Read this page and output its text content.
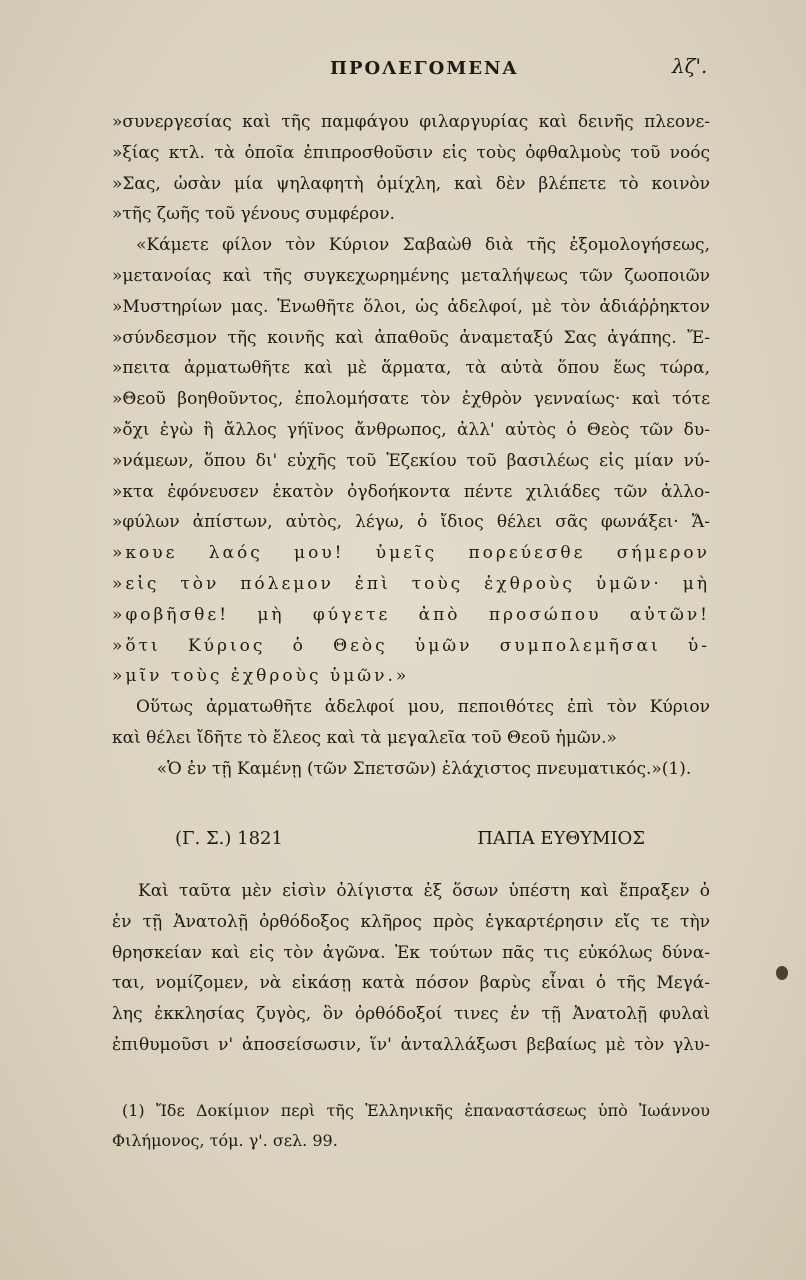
ΠΡΟΛΕΓΟΜΕΝΑ	λζ'.
»συνεργεσίας καὶ τῆς παμφάγου φιλαργυρίας καὶ δεινῆς πλεονε-
»ξίας κτλ. τὰ ὁποῖα ἐπιπροσθοῦσιν εἰς τοὺς ὀφθαλμοὺς τοῦ νοός
»Σας, ὡσὰν μία ψηλαφητὴ ὁμίχλη, καὶ δὲν βλέπετε τὸ κοινὸν
»τῆς ζωῆς τοῦ γένους συμφέρον.
«Κάμετε φίλον τὸν Κύριον Σαβαὼθ διὰ τῆς ἐξομολογήσεως,
»μετανοίας καὶ τῆς συγκεχωρημένης μεταλήψεως τῶν ζωοποιῶν
»Μυστηρίων μας. Ἑνωθῆτε ὅλοι, ὡς ἀδελφοί, μὲ τὸν ἀδιάῤῥηκτον
»σύνδεσμον τῆς κοινῆς καὶ ἀπαθοῦς ἀναμεταξύ Σας ἀγάπης. Ἔ-
»πειτα ἀρματωθῆτε καὶ μὲ ἅρματα, τὰ αὐτὰ ὅπου ἕως τώρα,
»Θεοῦ βοηθοῦντος, ἐπολομήσατε τὸν ἐχθρὸν γενναίως· καὶ τότε
»ὄχι ἐγὼ ἢ ἄλλος γήϊνος ἄνθρωπος, ἀλλ' αὐτὸς ὁ Θεὸς τῶν δυ-
»νάμεων, ὅπου δι' εὐχῆς τοῦ Ἐζεκίου τοῦ βασιλέως εἰς μίαν νύ-
»κτα ἐφόνευσεν ἑκατὸν ὀγδοήκοντα πέντε χιλιάδες τῶν ἀλλο-
»φύλων ἀπίστων, αὐτὸς, λέγω, ὁ ἴδιος θέλει σᾶς φωνάξει· Ἄ-
»κουε λαός μου! ὑμεῖς πορεύεσθε σήμερον
»εἰς τὸν πόλεμον ἐπὶ τοὺς ἐχθροὺς ὑμῶν· μὴ
»φοβῆσθε! μὴ φύγετε ἀπὸ προσώπου αὐτῶν!
»ὅτι Κύριος ὁ Θεὸς ὑμῶν συμπολεμῆσαι ὑ-
»μῖν τοὺς ἐχθροὺς ὑμῶν.»
Οὕτως ἀρματωθῆτε ἀδελφοί μου, πεποιθότες ἐπὶ τὸν Κύριον
καὶ θέλει ἴδῆτε τὸ ἔλεος καὶ τὰ μεγαλεῖα τοῦ Θεοῦ ἡμῶν.»
«Ὁ ἐν τῇ Καμένῃ (τῶν Σπετσῶν) ἐλάχιστος πνευματικός.»(1).
(Γ. Σ.) 1821	ΠΑΠΑ ΕΥΘΥΜΙΟΣ
Καὶ ταῦτα μὲν εἰσὶν ὀλίγιστα ἐξ ὅσων ὑπέστη καὶ ἔπραξεν ὁ
ἐν τῇ Ἀνατολῇ ὀρθόδοξος κλῆρος πρὸς ἐγκαρτέρησιν εἴς τε τὴν
θρησκείαν καὶ εἰς τὸν ἀγῶνα. Ἐκ τούτων πᾶς τις εὐκόλως δύνα-
ται, νομίζομεν, νὰ εἰκάσῃ κατὰ πόσον βαρὺς εἶναι ὁ τῆς Μεγά-
λης ἐκκλησίας ζυγὸς, ὃν ὀρθόδοξοί τινες ἐν τῇ Ἀνατολῇ φυλαὶ
ἐπιθυμοῦσι ν' ἀποσείσωσιν, ἵν' ἀνταλλάξωσι βεβαίως μὲ τὸν γλυ-
(1) Ἴδε Δοκίμιον περὶ τῆς Ἑλληνικῆς ἐπαναστάσεως ὑπὸ Ἰωάννου
Φιλήμονος, τόμ. γ'. σελ. 99.
